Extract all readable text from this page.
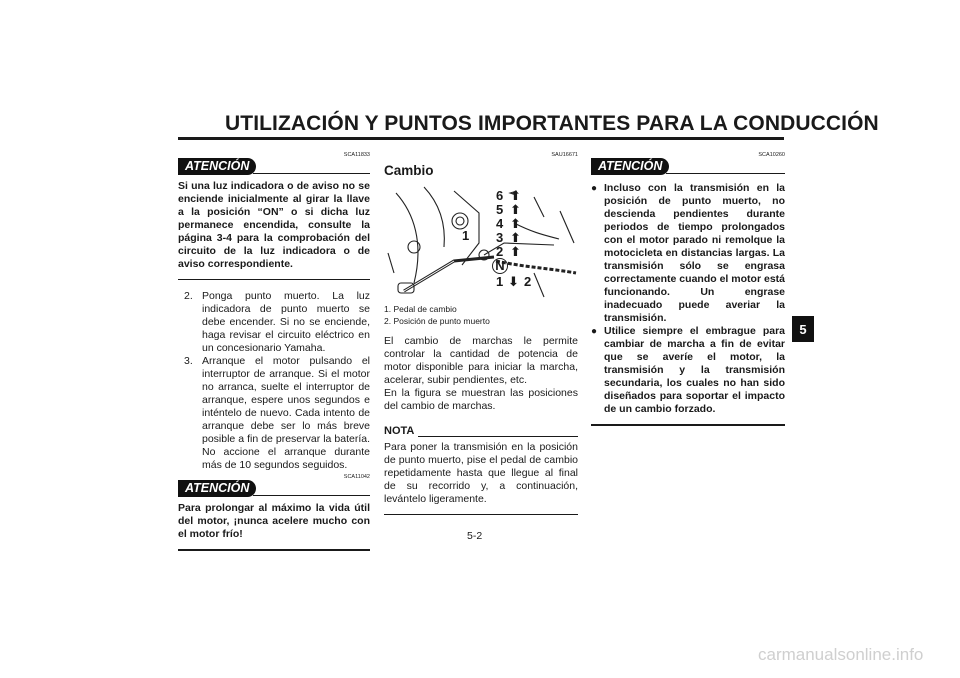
UTILIZACIÓN Y PUNTOS IMPORTANTES PARA LA CONDUCCIÓN
ATENCIÓN
SCA11833
Si una luz indicadora o de aviso no se enciende inicialmente al girar la llave a la posición “ON” o si dicha luz permanece encendida, consulte la página 3-4 para la comprobación del circuito de la luz indicadora o de aviso correspondiente.
2. Ponga punto muerto. La luz indicadora de punto muerto se debe encender. Si no se enciende, haga revisar el circuito eléctrico en un concesionario Yamaha.
3. Arranque el motor pulsando el interruptor de arranque. Si el motor no arranca, suelte el interruptor de arranque, espere unos segundos e inténtelo de nuevo. Cada intento de arranque debe ser lo más breve posible a fin de preservar la batería. No accione el arranque durante más de 10 segundos seguidos.
ATENCIÓN
SCA11042
Para prolongar al máximo la vida útil del motor, ¡nunca acelere mucho con el motor frío!
SAU16671
Cambio
1
6 ⬆
5 ⬆
4 ⬆
3 ⬆
2 ⬆
N
1 ⬇ 2
1. Pedal de cambio
2. Posición de punto muerto
El cambio de marchas le permite controlar la cantidad de potencia de motor disponible para iniciar la marcha, acelerar, subir pendientes, etc.
En la figura se muestran las posiciones del cambio de marchas.
NOTA
Para poner la transmisión en la posición de punto muerto, pise el pedal de cambio repetidamente hasta que llegue al final de su recorrido y, a continuación, levántelo ligeramente.
ATENCIÓN
SCA10260
● Incluso con la transmisión en la posición de punto muerto, no descienda pendientes durante periodos de tiempo prolongados con el motor parado ni remolque la motocicleta en distancias largas. La transmisión sólo se engrasa correctamente cuando el motor está funcionando. Un engrase inadecuado puede averiar la transmisión.
● Utilice siempre el embrague para cambiar de marcha a fin de evitar que se averíe el motor, la transmisión y la transmisión secundaria, los cuales no han sido diseñados para soportar el impacto de un cambio forzado.
5
5-2
carmanualsonline.info
